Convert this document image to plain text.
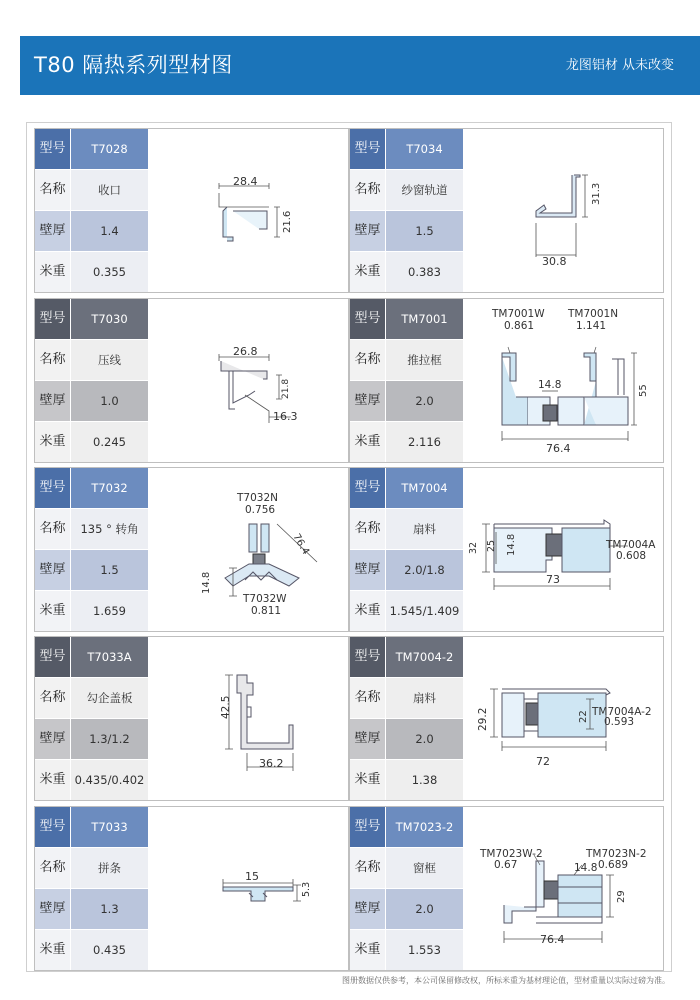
T80 隔热系列型材图	龙图铝材 从未改变
型号	T7028
名称	收口
壁厚	1.4
米重	0.355
28.4
21.6
型号	T7034
名称	纱窗轨道
壁厚	1.5
米重	0.383
31.3
30.8
型号	T7030
名称	压线
壁厚	1.0
米重	0.245
26.8
21.8
16.3
型号	TM7001
名称	推拉框
壁厚	2.0
米重	2.116
TM7001W
0.861
TM7001N
1.141
14.8	55
76.4
型号	T7032
名称	135 ° 转角
壁厚	1.5
米重	1.659
T7032N
0.756
76.4
14.8
T7032W
0.811
型号	TM7004
名称	扇料
壁厚	2.0/1.8
米重 1.545/1.409
32 25 14.8	TM7004A
0.608
73
型号	T7033A
名称	勾企盖板
壁厚	1.3/1.2
米重 0.435/0.402
42.5
36.2
型号	TM7004-2
名称	扇料
壁厚	2.0
米重	1.38
29.2	22 TM7004A-2
0.593
72
型号	T7033
名称	拼条
壁厚	1.3
米重	0.435
15
5.3
型号	TM7023-2
名称	窗框
壁厚	2.0
米重	1.553
TM7023W-2
0.67
TM7023N-2
14.8 0.689
29
76.4
图册数据仅供参考，本公司保留修改权，所标米重为基材理论值，型材重量以实际过磅为准。
